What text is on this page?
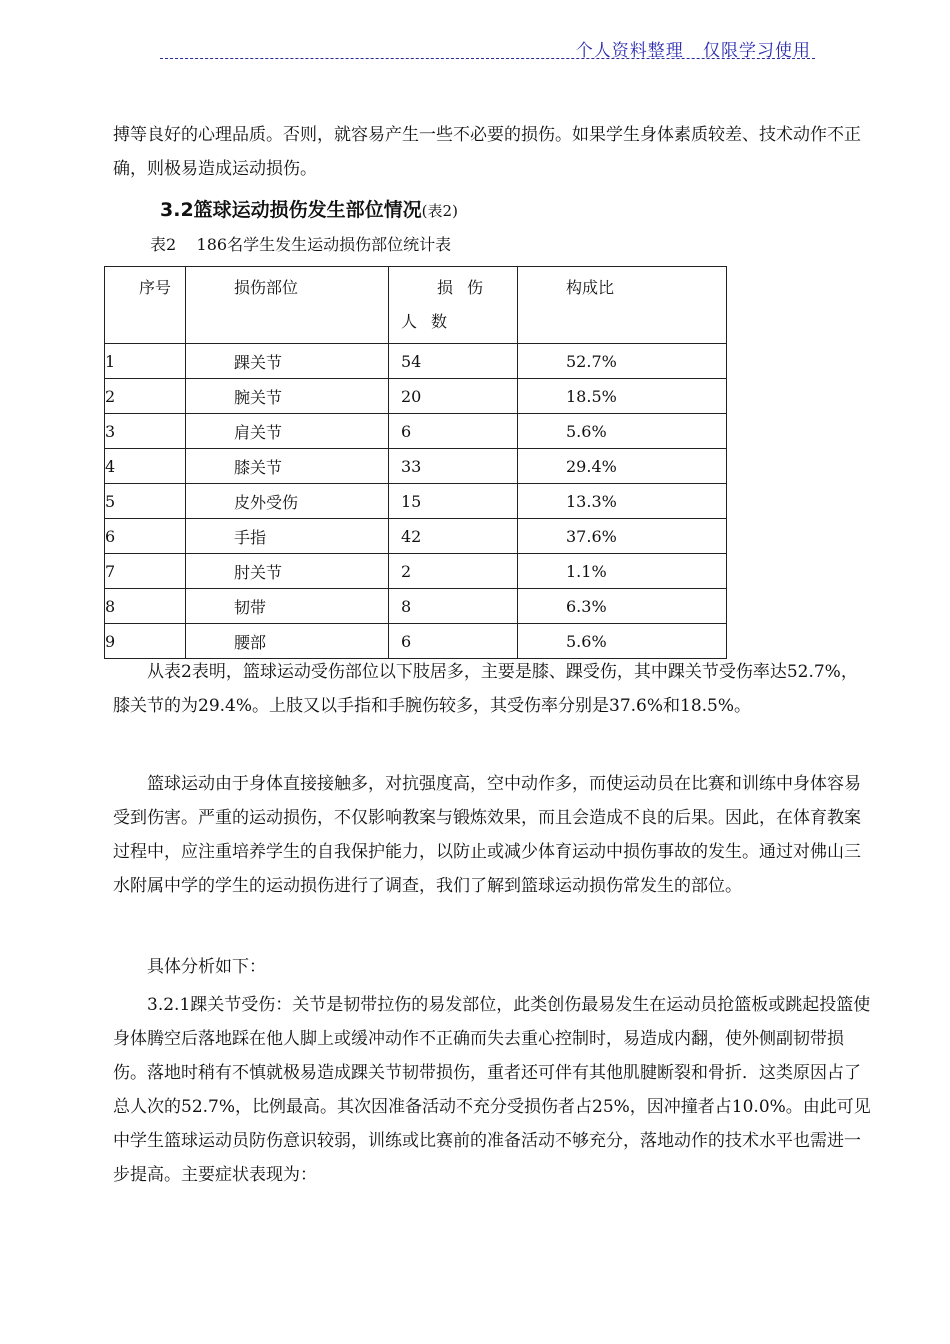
个人资料整理   仅限学习使用

搏等良好的心理品质。否则，就容易产生一些不必要的损伤。如果学生身体素质较差、技术动作不正确，则极易造成运动损伤。

3.2篮球运动损伤发生部位情况(表2)
表2    186名学生发生运动损伤部位统计表
序号	损伤部位	损伤人数	构成比
1	踝关节	54	52.7%
2	腕关节	20	18.5%
3	肩关节	6	5.6%
4	膝关节	33	29.4%
5	皮外受伤	15	13.3%
6	手指	42	37.6%
7	肘关节	2	1.1%
8	韧带	8	6.3%
9	腰部	6	5.6%

从表2表明，篮球运动受伤部位以下肢居多，主要是膝、踝受伤，其中踝关节受伤率达52.7%，膝关节的为29.4%。上肢又以手指和手腕伤较多，其受伤率分别是37.6%和18.5%。

篮球运动由于身体直接接触多，对抗强度高，空中动作多，而使运动员在比赛和训练中身体容易受到伤害。严重的运动损伤，不仅影响教案与锻炼效果，而且会造成不良的后果。因此，在体育教案过程中，应注重培养学生的自我保护能力，以防止或减少体育运动中损伤事故的发生。通过对佛山三水附属中学的学生的运动损伤进行了调查，我们了解到篮球运动损伤常发生的部位。

具体分析如下：

3.2.1踝关节受伤：关节是韧带拉伤的易发部位，此类创伤最易发生在运动员抢篮板或跳起投篮使身体腾空后落地踩在他人脚上或缓冲动作不正确而失去重心控制时，易造成内翻，使外侧副韧带损伤。落地时稍有不慎就极易造成踝关节韧带损伤，重者还可伴有其他肌腱断裂和骨折．这类原因占了总人次的52.7%，比例最高。其次因准备活动不充分受损伤者占25%，因冲撞者占10.0%。由此可见中学生篮球运动员防伤意识较弱，训练或比赛前的准备活动不够充分，落地动作的技术水平也需进一步提高。主要症状表现为：
